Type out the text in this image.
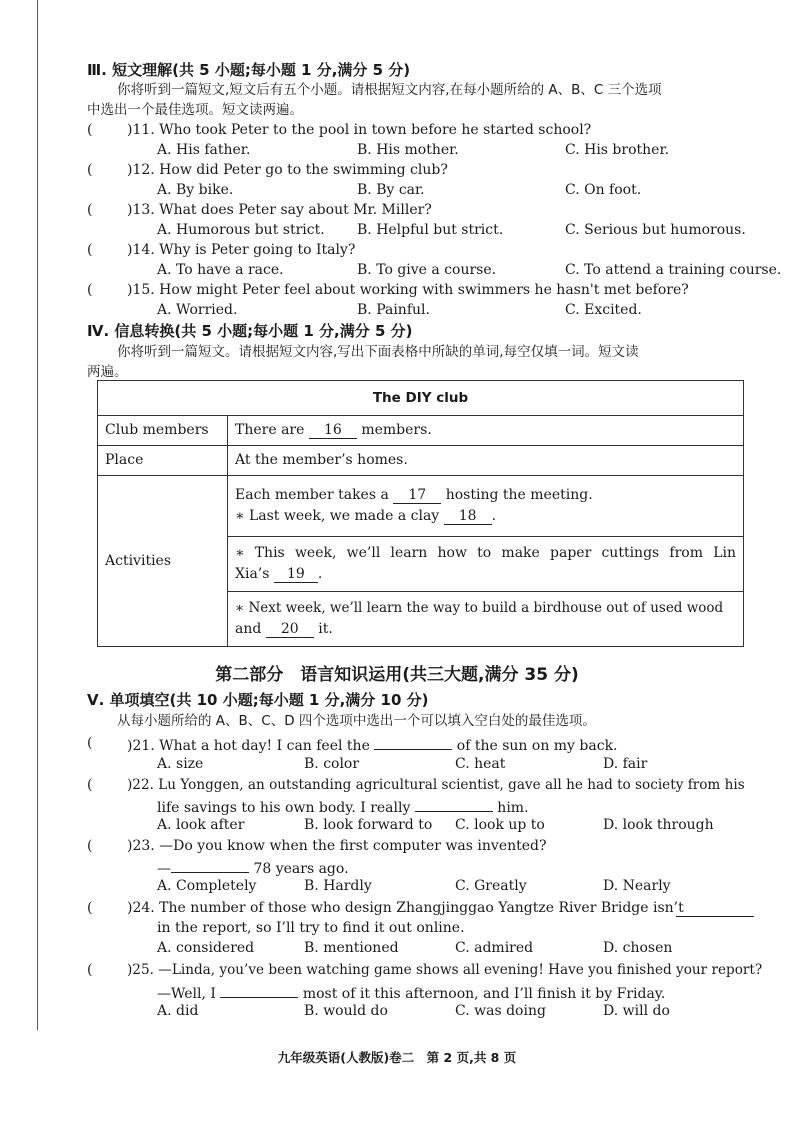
Ⅲ. 短文理解(共 5 小题;每小题 1 分,满分 5 分)
你将听到一篇短文,短文后有五个小题。请根据短文内容,在每小题所给的 A、B、C 三个选项
中选出一个最佳选项。短文读两遍。
( )11. Who took Peter to the pool in town before he started school?
A. His father.	B. His mother.	C. His brother.
( )12. How did Peter go to the swimming club?
A. By bike.	B. By car.	C. On foot.
( )13. What does Peter say about Mr. Miller?
A. Humorous but strict. B. Helpful but strict.	C. Serious but humorous.
( )14. Why is Peter going to Italy?
A. To have a race.	B. To give a course.	C. To attend a training course.
( )15. How might Peter feel about working with swimmers he hasn't met before?
A. Worried.	B. Painful.	C. Excited.
Ⅳ. 信息转换(共 5 小题;每小题 1 分,满分 5 分)
你将听到一篇短文。请根据短文内容,写出下面表格中所缺的单词,每空仅填一词。短文读
两遍。
The DIY club	
Club members	There are 16 members.
Place	At the member’s homes.
Activities	Each member takes a 17 hosting the meeting.
∗ Last week, we made a clay 18 .

	∗ This week, we’ll learn how to make paper cuttings from Lin
Xia’s 19 .

	∗ Next week, we’ll learn the way to build a birdhouse out of used wood
and 20 it.
第二部分　语言知识运用(共三大题,满分 35 分)
Ⅴ. 单项填空(共 10 小题;每小题 1 分,满分 10 分)
从每小题所给的 A、B、C、D 四个选项中选出一个可以填入空白处的最佳选项。
( )21. What a hot day! I can feel the	of the sun on my back.
A. size	B. color	C. heat	D. fair
(	)22. Lu Yonggen, an outstanding agricultural scientist, gave all he had to society from his
life savings to his own body. I really	him.
A. look after	B. look forward to C. look up to	D. look through
( )23. —Do you know when the first computer was invented?
—	78 years ago.
A. Completely	B. Hardly	C. Greatly	D. Nearly
( )24. The number of those who design Zhangjinggao Yangtze River Bridge isn’t
in the report, so I’ll try to find it out online.
A. considered	B. mentioned	C. admired	D. chosen
(	)25. —Linda, you’ve been watching game shows all evening! Have you finished your report?
—Well, I	most of it this afternoon, and I’ll finish it by Friday.
A. did	B. would do	C. was doing	D. will do
九年级英语(人教版)卷二　第 2 页,共 8 页
